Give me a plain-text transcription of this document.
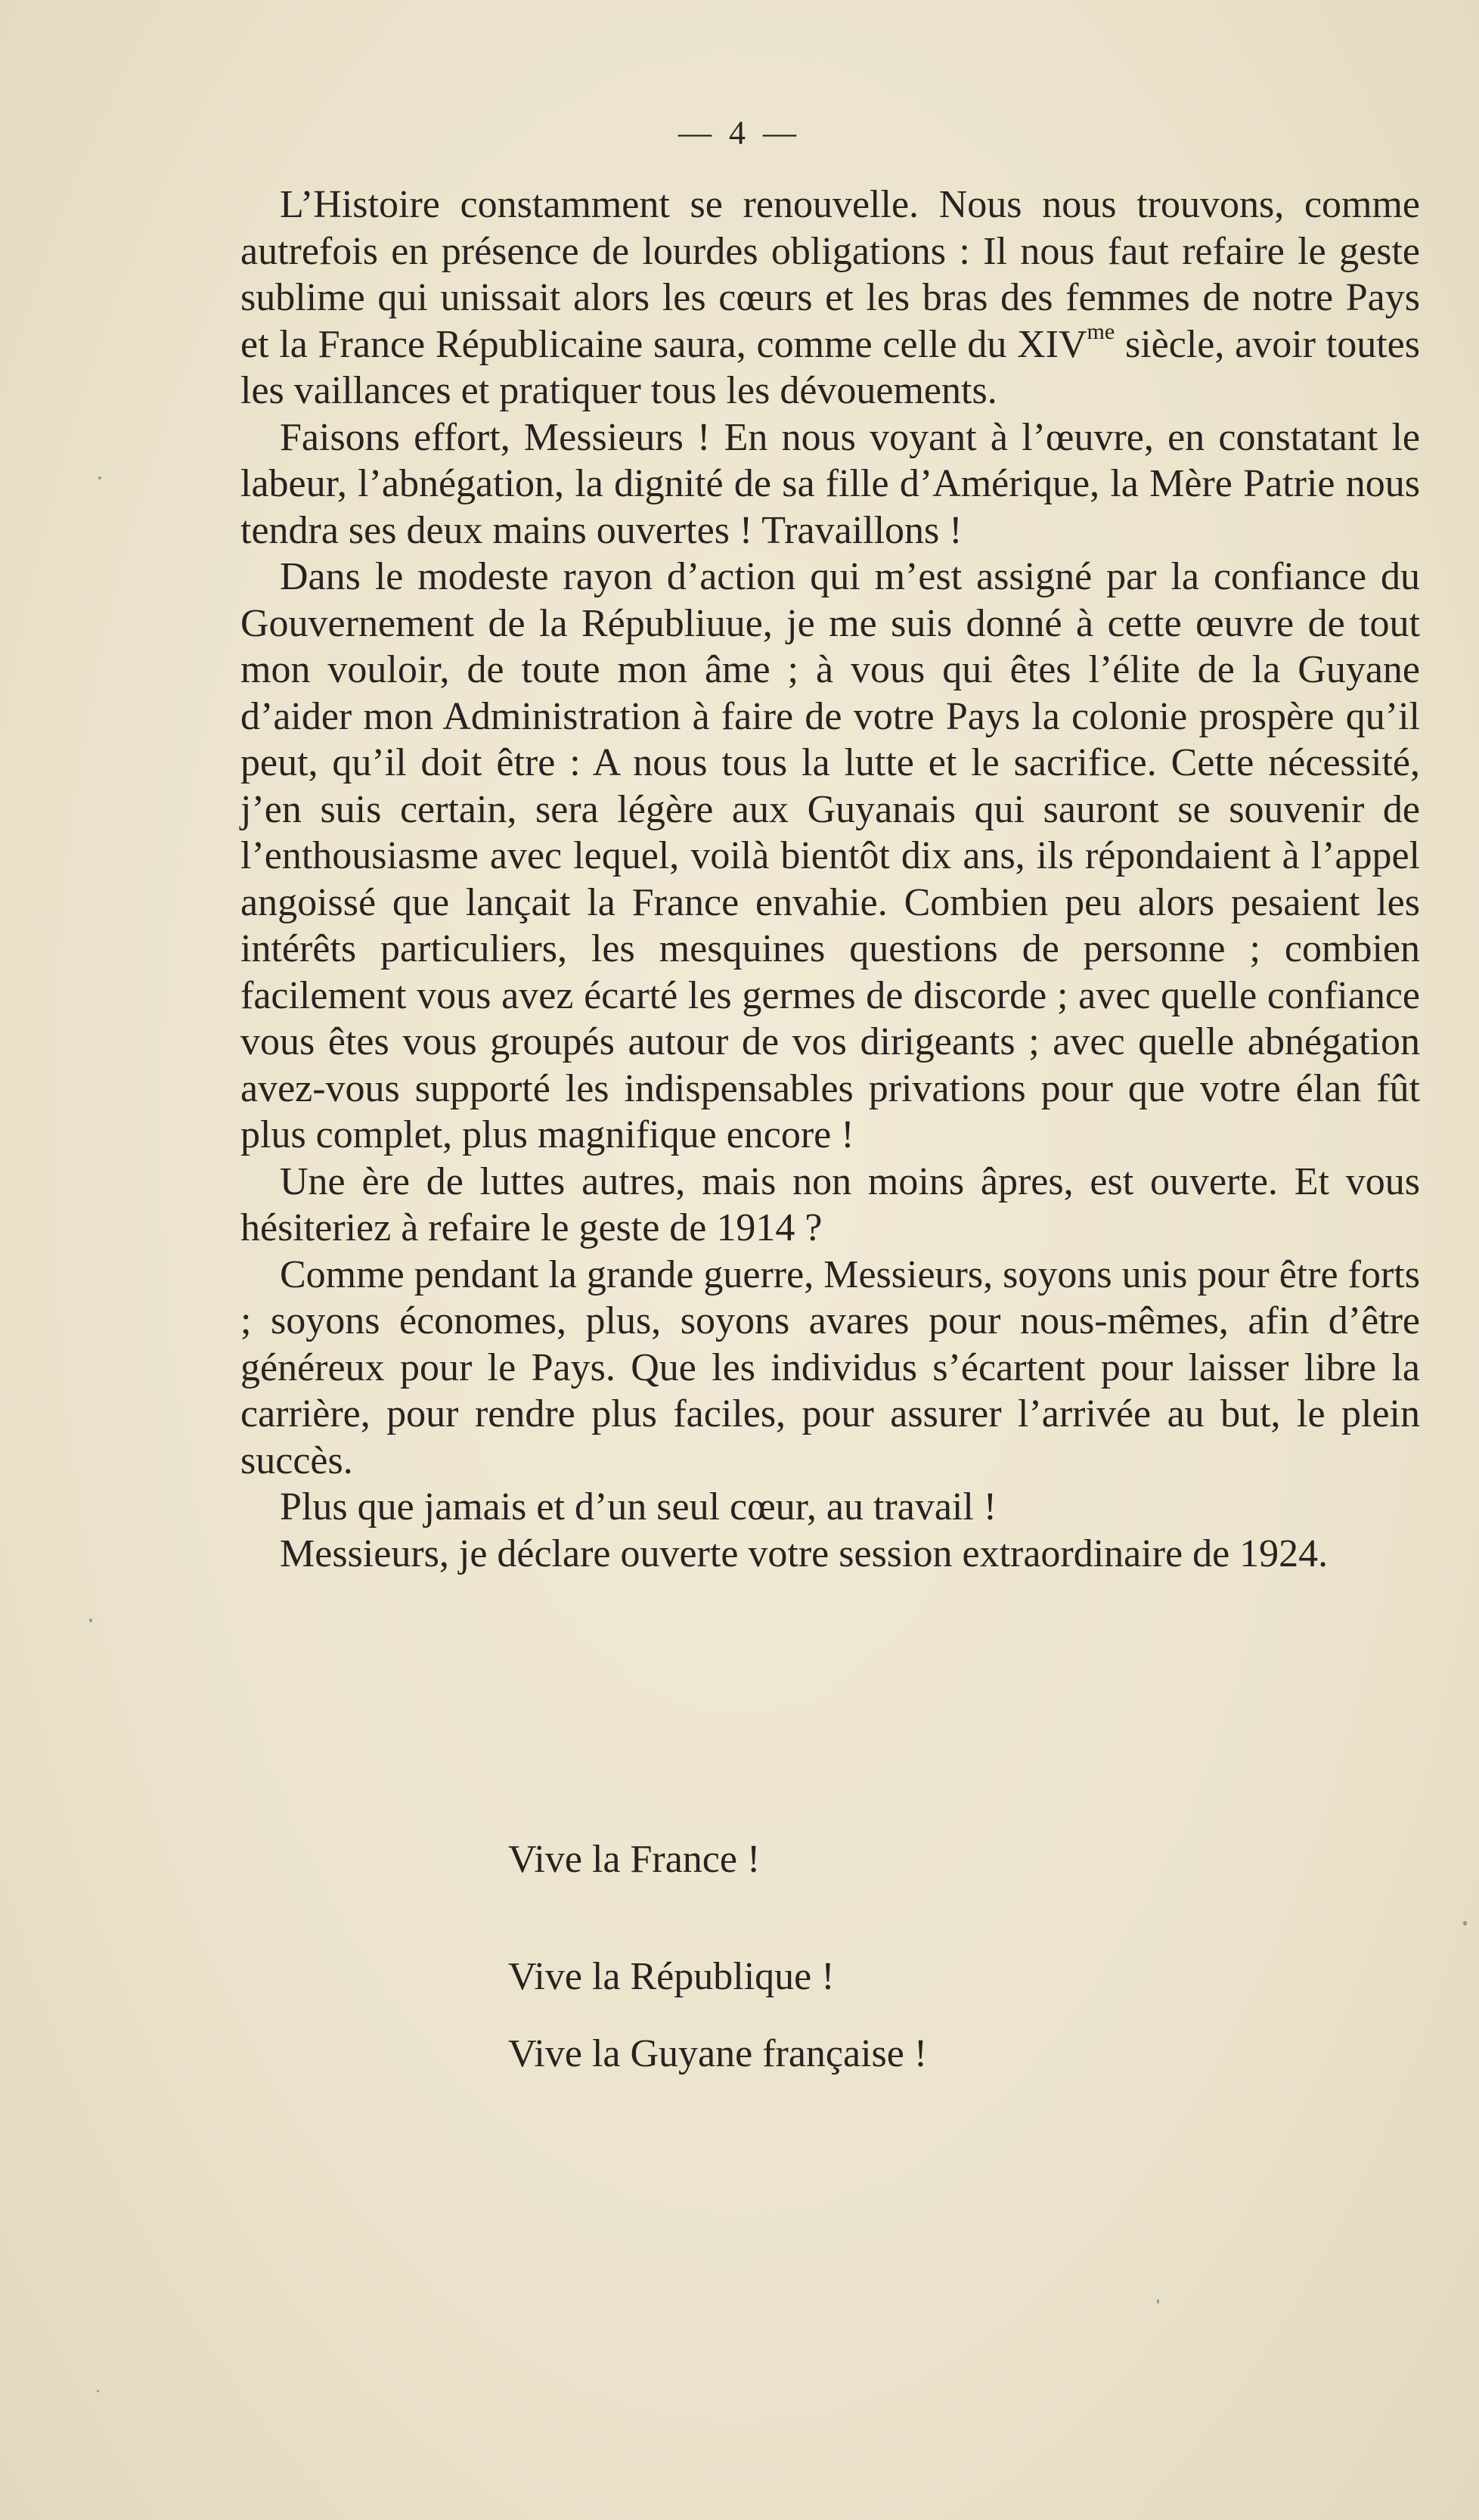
— 4 —

L’Histoire constamment se renouvelle. Nous nous trouvons, comme autrefois en présence de lourdes obligations : Il nous faut refaire le geste sublime qui unissait alors les cœurs et les bras des femmes de notre Pays et la France Républicaine saura, comme celle du $XIV^{me}$ siècle, avoir toutes les vaillances et pratiquer tous les dévouements.

Faisons effort, Messieurs ! En nous voyant à l’œuvre, en constatant le labeur, l’abnégation, la dignité de sa fille d’Amérique, la Mère Patrie nous tendra ses deux mains ouvertes ! Travaillons !

Dans le modeste rayon d’action qui m’est assigné par la confiance du Gouvernement de la Républiuue, je me suis donné à cette œuvre de tout mon vouloir, de toute mon âme ; à vous qui êtes l’élite de la Guyane d’aider mon Administration à faire de votre Pays la colonie prospère qu’il peut, qu’il doit être : A nous tous la lutte et le sacrifice. Cette nécessité, j’en suis certain, sera légère aux Guyanais qui sauront se souvenir de l’enthousiasme avec lequel, voilà bientôt dix ans, ils répondaient à l’appel angoissé que lançait la France envahie. Combien peu alors pesaient les intérêts particuliers, les mesquines questions de personne ; combien facilement vous avez écarté les germes de discorde ; avec quelle confiance vous êtes vous groupés autour de vos dirigeants ; avec quelle abnégation avez-vous supporté les indispensables privations pour que votre élan fût plus complet, plus magnifique encore !

Une ère de luttes autres, mais non moins âpres, est ouverte. Et vous hésiteriez à refaire le geste de 1914 ?

Comme pendant la grande guerre, Messieurs, soyons unis pour être forts ; soyons économes, plus, soyons avares pour nous-mêmes, afin d’être généreux pour le Pays. Que les individus s’écartent pour laisser libre la carrière, pour rendre plus faciles, pour assurer l’arrivée au but, le plein succès.

Plus que jamais et d’un seul cœur, au travail !

Messieurs, je déclare ouverte votre session extraordinaire de 1924.

Vive la France !
Vive la République !
Vive la Guyane française !
